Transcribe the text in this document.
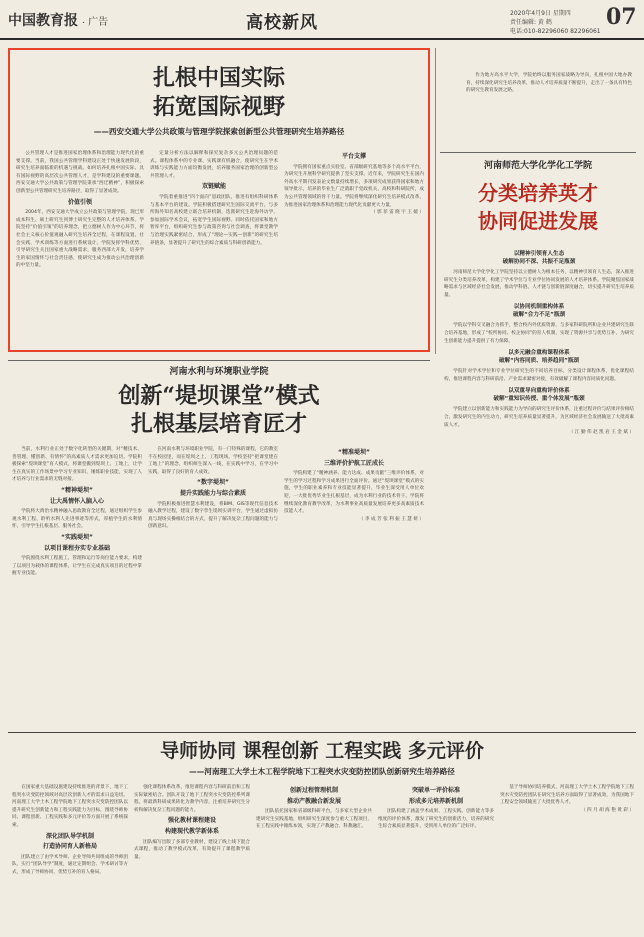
中国教育报 · 广告	高校新风	2020年4月9日 星期四
责任编辑: 黄 鹤
电话:010-82296060 82296061
07
扎根中国实际
拓宽国际视野
——西安交通大学公共政策与管理学院探索创新型公共管理研究生培养路径

公共管理人才是推进国家治理体系和治理能力现代化的重要支撑。当前，我国公共管理学科建设正处于快速发展阶段，研究生培养面临新的机遇与挑战。如何培养扎根中国实际、具有国际视野的高层次公共管理人才，是学科建设的重要课题。西安交通大学公共政策与管理学院秉承“西迁精神”，积极探索创新型公共管理研究生培养路径，取得了显著成效。

价值引领

2004年，西安交通大学成立公共政策与管理学院，现已形成本科生、硕士研究生到博士研究生完整的人才培养体系。学院坚持“价值引领”的培养理念，把立德树人作为中心环节，将社会主义核心价值观融入研究生培养全过程，在课程设置、社会实践、学术训练等方面进行系统设计。学院发挥学科优势，引导研究生关注国家重大战略需求，服务西部大开发，培养学生的家国情怀与社会责任感，使研究生成为推动公共治理创新的中坚力量。

定量分析方法以解释和探究复杂多元公共治理问题的范式。课程体系中的专业课、实践课有机融合，使研究生在学术训练与实践能力方面均衡发展，培养服务国家治理的创新型公共管理人才。

双链赋能

学院着重推进“四个面向”思政团队，推进有组织科研体系与基本平台的建设。学院积极搭建研究生国际交流平台，与多所海外知名高校建立联合培养机制，选派研究生赴海外访学、参加国际学术会议，拓宽学生国际视野。同时依托国家和地方智库平台，组织研究生参与政策咨询与社会调查，将课堂教学与治理实践紧密结合，形成了“理论—实践—创新”的研究生培养链条，显著提升了研究生的综合素质与科研创新能力。

平台支撑

学院拥有国家重点实验室、省部级研究基地等多个高水平平台，为研究生开展科学研究提供了坚实支撑。近年来，学院研究生在国内外高水平期刊发表论文数量持续增长，多项研究成果获得国家和地方领导批示，培养的毕业生广泛就职于党政机关、高校和科研院所，成为公共管理领域的骨干力量。学院将继续深化研究生培养模式改革，为推进国家治理体系和治理能力现代化贡献更大力量。

（ 郭 菲 雷 晓 宇 王 媛 ）

作为地方高水平大学，学院始终以服务国家战略为导向，扎根中国大地办教育，持续深化研究生培养改革，推动人才培养质量不断提升，走出了一条具有特色的研究生教育发展之路。

河南师范大学化学化工学院
分类培养英才
协同促进发展
以精神引领育人生态
破解协同不深、共振不足瓶颈

河南师范大学化学化工学院坚持以立德树人为根本任务，以精神引领育人生态，深入推进研究生分类培养改革，构建了学术学位与专业学位协同发展的人才培养体系。学院聚焦国家战略需求与区域经济社会发展，推动学科链、人才链与创新链深度融合，切实提升研究生培养质量。

以协同机制重构体系
破解“合力不足”瓶颈

学院以学科交叉融合为抓手，整合校内外优质资源，与多家科研院所和企业共建研究生联合培养基地，形成了“校所协同、校企协同”的育人机制，实现了资源共享与优势互补，为研究生创新能力提升提供了有力保障。

以多元融合重构课程体系
破解“内容同质、培养趋同”瓶颈

学院针对学术学位和专业学位研究生的不同培养目标，分类设计课程体系，优化课程结构，推进课程内容与科研前沿、产业需求紧密对接，有效破解了课程内容同质化问题。

以双重导向重构评价体系
破解“重知识传授、重个体发展”瓶颈

学院建立以创新能力和实践能力为导向的研究生评价体系，注重过程评价与结果评价相结合，激发研究生的内生动力，研究生培养质量显著提升，为区域经济社会发展输送了大批高素质人才。

（ 江 勤 伟 赵 凯 岩 王 金 斌 ）

河南水利与环境职业学院
创新“堤坝课堂”模式
扎根基层培育匠才

当前，水利行业正处于数字化转型的关键期，对“精技术、善管理、懂创新、有情怀”的高素质人才需求更加迫切。学院积极探索“堤坝课堂”育人模式，将课堂搬到堤坝上、工地上，让学生在真实的工作场景中学习专业知识、锤炼职业技能，实现了人才培养与行业需求的无缝对接。

“精神堤坝”
让大禹情怀入脑入心

学院将大禹治水精神融入思政教育全过程，通过组织学生参观水利工程、聆听水利人先进事迹等形式，厚植学生的水利情怀，引导学生扎根基层、服务社会。

“实践堤坝”
以项目课程夯实专业基础

学院围绕水利工程施工、管理和运行等岗位能力要求，构建了以项目为载体的课程体系，让学生在完成真实项目的过程中掌握专业技能。

在河南水利与环境职业学院，有一门特殊的课程，它的教室不在校园里，而在堤坝之上、工程现场。学校坚持“把课堂建在工地上”的理念，组织师生深入一线，在实践中学习，在学习中实践，取得了良好的育人成效。

“数字堤坝”
提升实践能力与综合素质

学院积极推进智慧水利建设，将BIM、GIS等现代信息技术融入教学过程，建设了数字孪生堤坝实训平台，学生通过虚拟仿真与现场实操相结合的方式，提升了解决复杂工程问题的能力与创新意识。

“精准堤坝”
三维评价护航工匠成长

学院构建了“精神涵养、能力达成、成果贡献”三维评价体系，对学生的学习过程和学习成果进行全面评价。通过“堤坝课堂”模式的实施，学生的职业素养和专业技能显著提升，毕业生深受用人单位欢迎，一大批优秀毕业生扎根基层，成为水利行业的技术骨干。学院将继续深化教育教学改革，为水利事业高质量发展培养更多高素质技术技能人才。

（ 李 成 芳 张 利 振 王 慧 妍 ）

导师协同 课程创新 工程实践 多元评价
——河南理工大学土木工程学院地下工程突水灾变防控团队创新研究生培养路径

在国家重大基础设施建设持续推进的背景下，地下工程突水灾变防控领域对高层次创新人才的需求日益迫切。河南理工大学土木工程学院地下工程突水灾变防控团队以提升研究生创新能力和工程实践能力为目标，围绕导师协同、课程创新、工程实践和多元评价等方面开展了系统探索。

深化团队导学机制
打造协同育人新格局

团队建立了由学术导师、企业导师共同组成的导师团队，实行“团队导学”制度，通过定期组会、学术研讨等方式，形成了导师协同、优势互补的育人格局。

强化课程体系改革，推进课程内容与科研前沿和工程实际紧密结合。团队开设了地下工程突水灾变防控系列课程，将最新科研成果转化为教学内容，注重培养研究生分析和解决复杂工程问题的能力。

强化教材课程建设
构建现代教学新体系

团队编写出版了多部专业教材，建设了线上线下混合式课程，推动了教学模式改革，有效提升了课程教学质量。

创新过程管理机制
推动产教融合新发展

团队依托国家和省部级科研平台，与多家大型企业共建研究生实践基地，组织研究生深度参与重大工程项目，在工程实践中锤炼本领，实现了产教融合、科教融汇。

突破单一评价标准
形成多元培养新机制

团队构建了涵盖学术成果、工程实践、创新能力等多维度的评价体系，激发了研究生的创新活力，培养的研究生综合素质显著提升，受到用人单位的广泛好评。

基于导师协同培养模式，河南理工大学土木工程学院地下工程突水灾变防控团队在研究生培养方面取得了显著成效，为我国地下工程安全领域输送了大批优秀人才。

（ 四 月 胡 海 艳 黄 彩 ）
